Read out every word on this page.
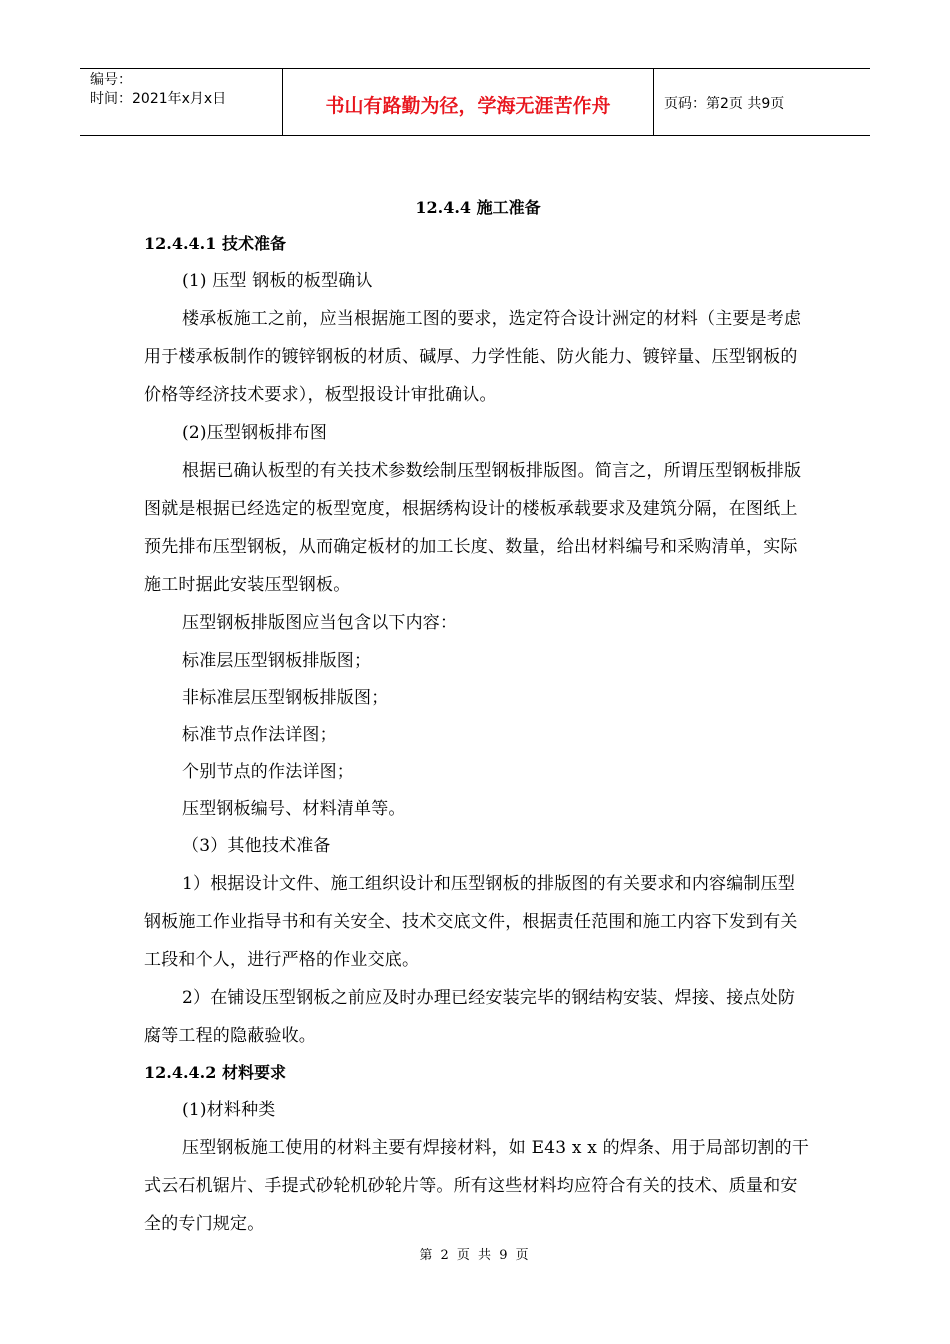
编号：
时间：2021年x月x日	书山有路勤为径，学海无涯苦作舟	页码：第2页 共9页
12.4.4 施工准备
12.4.4.1 技术准备

(1) 压型 钢板的板型确认

楼承板施工之前，应当根据施工图的要求，选定符合设计洲定的材料（主要是考虑用于楼承板制作的镀锌钢板的材质、碱厚、力学性能、防火能力、镀锌量、压型钢板的价格等经济技术要求），板型报设计审批确认。

(2)压型钢板排布图

根据已确认板型的有关技术参数绘制压型钢板排版图。简言之，所谓压型钢板排版图就是根据已经选定的板型宽度，根据绣构设计的楼板承载要求及建筑分隔，在图纸上预先排布压型钢板，从而确定板材的加工长度、数量，给出材料编号和采购清单，实际施工时据此安装压型钢板。

压型钢板排版图应当包含以下内容：

标准层压型钢板排版图；

非标准层压型钢板排版图；

标准节点作法详图；

个别节点的作法详图；

压型钢板编号、材料清单等。

（3）其他技术准备

1）根据设计文件、施工组织设计和压型钢板的排版图的有关要求和内容编制压型钢板施工作业指导书和有关安全、技术交底文件，根据责任范围和施工内容下发到有关工段和个人，进行严格的作业交底。

2）在铺设压型钢板之前应及时办理已经安装完毕的钢结构安装、焊接、接点处防腐等工程的隐蔽验收。

12.4.4.2 材料要求

(1)材料种类

压型钢板施工使用的材料主要有焊接材料，如 E43 x x 的焊条、用于局部切割的干式云石机锯片、手提式砂轮机砂轮片等。所有这些材料均应符合有关的技术、质量和安全的专门规定。

第 2 页 共 9 页
